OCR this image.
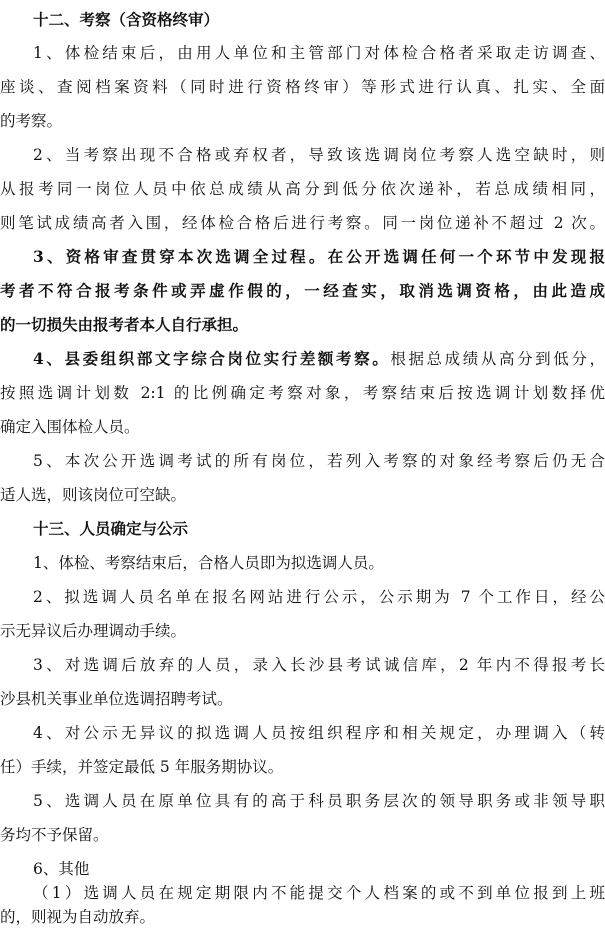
十二、考察（含资格终审）
1、体检结束后，由用人单位和主管部门对体检合格者采取走访调查、
座谈、查阅档案资料（同时进行资格终审）等形式进行认真、扎实、全面
的考察。
2、当考察出现不合格或弃权者，导致该选调岗位考察人选空缺时，则
从报考同一岗位人员中依总成绩从高分到低分依次递补，若总成绩相同，
则笔试成绩高者入围，经体检合格后进行考察。同一岗位递补不超过 2 次。
3、资格审查贯穿本次选调全过程。在公开选调任何一个环节中发现报
考者不符合报考条件或弄虚作假的，一经查实，取消选调资格，由此造成
的一切损失由报考者本人自行承担。
4、县委组织部文字综合岗位实行差额考察。根据总成绩从高分到低分，
按照选调计划数 2:1 的比例确定考察对象，考察结束后按选调计划数择优
确定入围体检人员。
5、本次公开选调考试的所有岗位，若列入考察的对象经考察后仍无合
适人选，则该岗位可空缺。
十三、人员确定与公示
1、体检、考察结束后，合格人员即为拟选调人员。
2、拟选调人员名单在报名网站进行公示，公示期为 7 个工作日，经公
示无异议后办理调动手续。
3、对选调后放弃的人员，录入长沙县考试诚信库，2 年内不得报考长
沙县机关事业单位选调招聘考试。
4、对公示无异议的拟选调人员按组织程序和相关规定，办理调入（转
任）手续，并签定最低 5 年服务期协议。
5、选调人员在原单位具有的高于科员职务层次的领导职务或非领导职
务均不予保留。
6、其他
（1）选调人员在规定期限内不能提交个人档案的或不到单位报到上班
的，则视为自动放弃。
